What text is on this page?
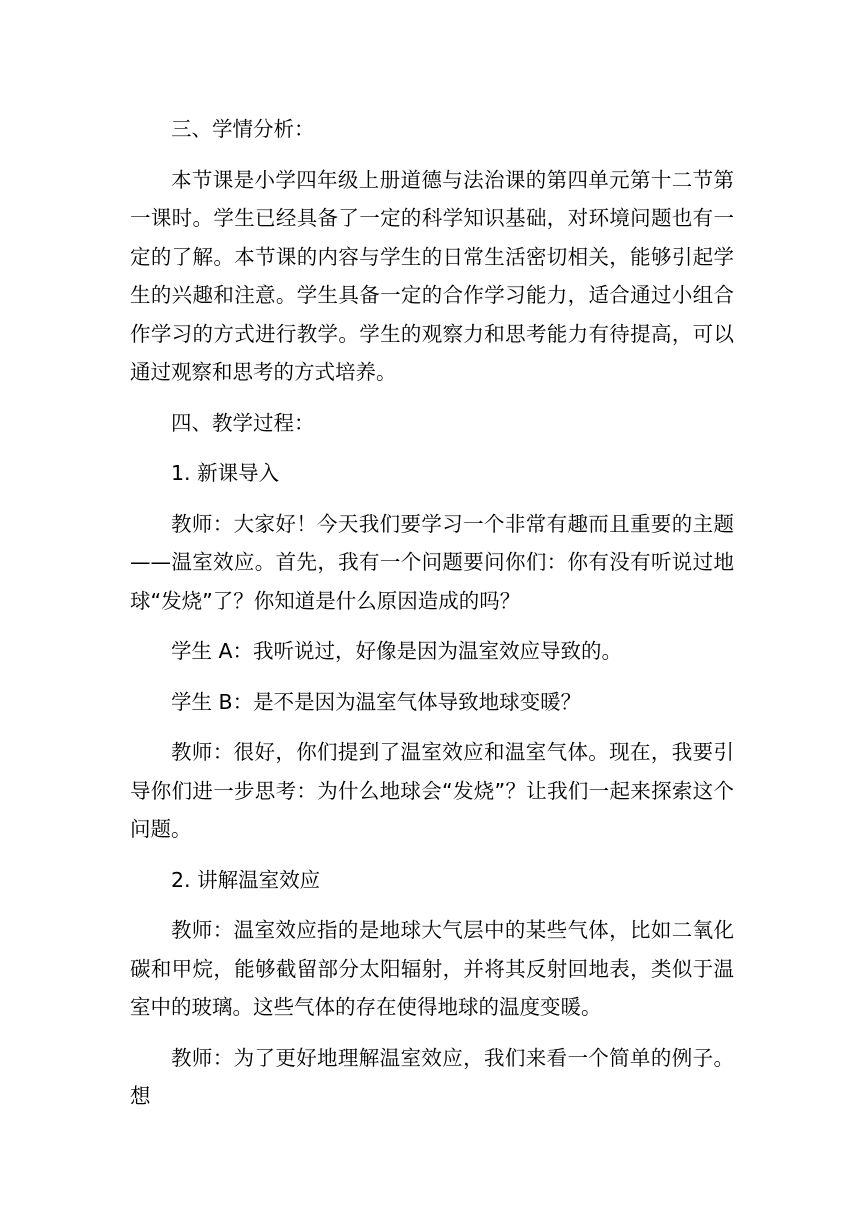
三、学情分析：

本节课是小学四年级上册道德与法治课的第四单元第十二节第一课时。学生已经具备了一定的科学知识基础，对环境问题也有一定的了解。本节课的内容与学生的日常生活密切相关，能够引起学生的兴趣和注意。学生具备一定的合作学习能力，适合通过小组合作学习的方式进行教学。学生的观察力和思考能力有待提高，可以通过观察和思考的方式培养。

四、教学过程：

1. 新课导入

教师：大家好！今天我们要学习一个非常有趣而且重要的主题——温室效应。首先，我有一个问题要问你们：你有没有听说过地球“发烧”了？你知道是什么原因造成的吗？

学生 A：我听说过，好像是因为温室效应导致的。

学生 B：是不是因为温室气体导致地球变暖？

教师：很好，你们提到了温室效应和温室气体。现在，我要引导你们进一步思考：为什么地球会“发烧”？让我们一起来探索这个问题。

2. 讲解温室效应

教师：温室效应指的是地球大气层中的某些气体，比如二氧化碳和甲烷，能够截留部分太阳辐射，并将其反射回地表，类似于温室中的玻璃。这些气体的存在使得地球的温度变暖。

教师：为了更好地理解温室效应，我们来看一个简单的例子。想
